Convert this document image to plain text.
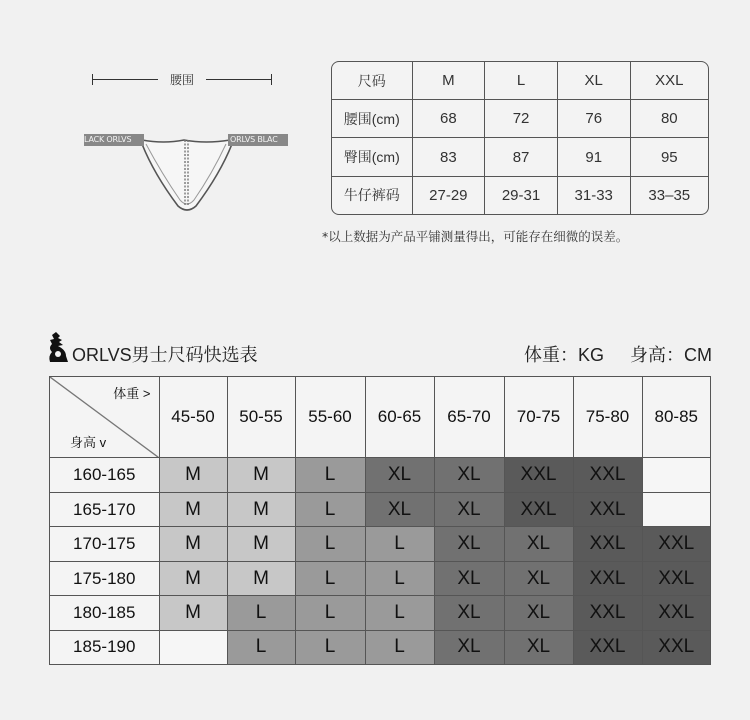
腰围
LACK ORLVS	ORLVS BLAC
尺码	M	L	XL	XXL
腰围(cm)	68	72	76	80
臀围(cm)	83	87	91	95
牛仔裤码	27-29	29-31	31-33	33–35
*以上数据为产品平铺测量得出，可能存在细微的误差。
ORLVS男士尺码快选表	体重：KG 身高：CM
体重 >
身高 v	45-50	50-55	55-60	60-65	65-70	70-75	75-80	80-85
160-165	M	M	L	XL	XL	XXL	XXL	
165-170	M	M	L	XL	XL	XXL	XXL	
170-175	M	M	L	L	XL	XL	XXL	XXL
175-180	M	M	L	L	XL	XL	XXL	XXL
180-185	M	L	L	L	XL	XL	XXL	XXL
185-190		L	L	L	XL	XL	XXL	XXL
